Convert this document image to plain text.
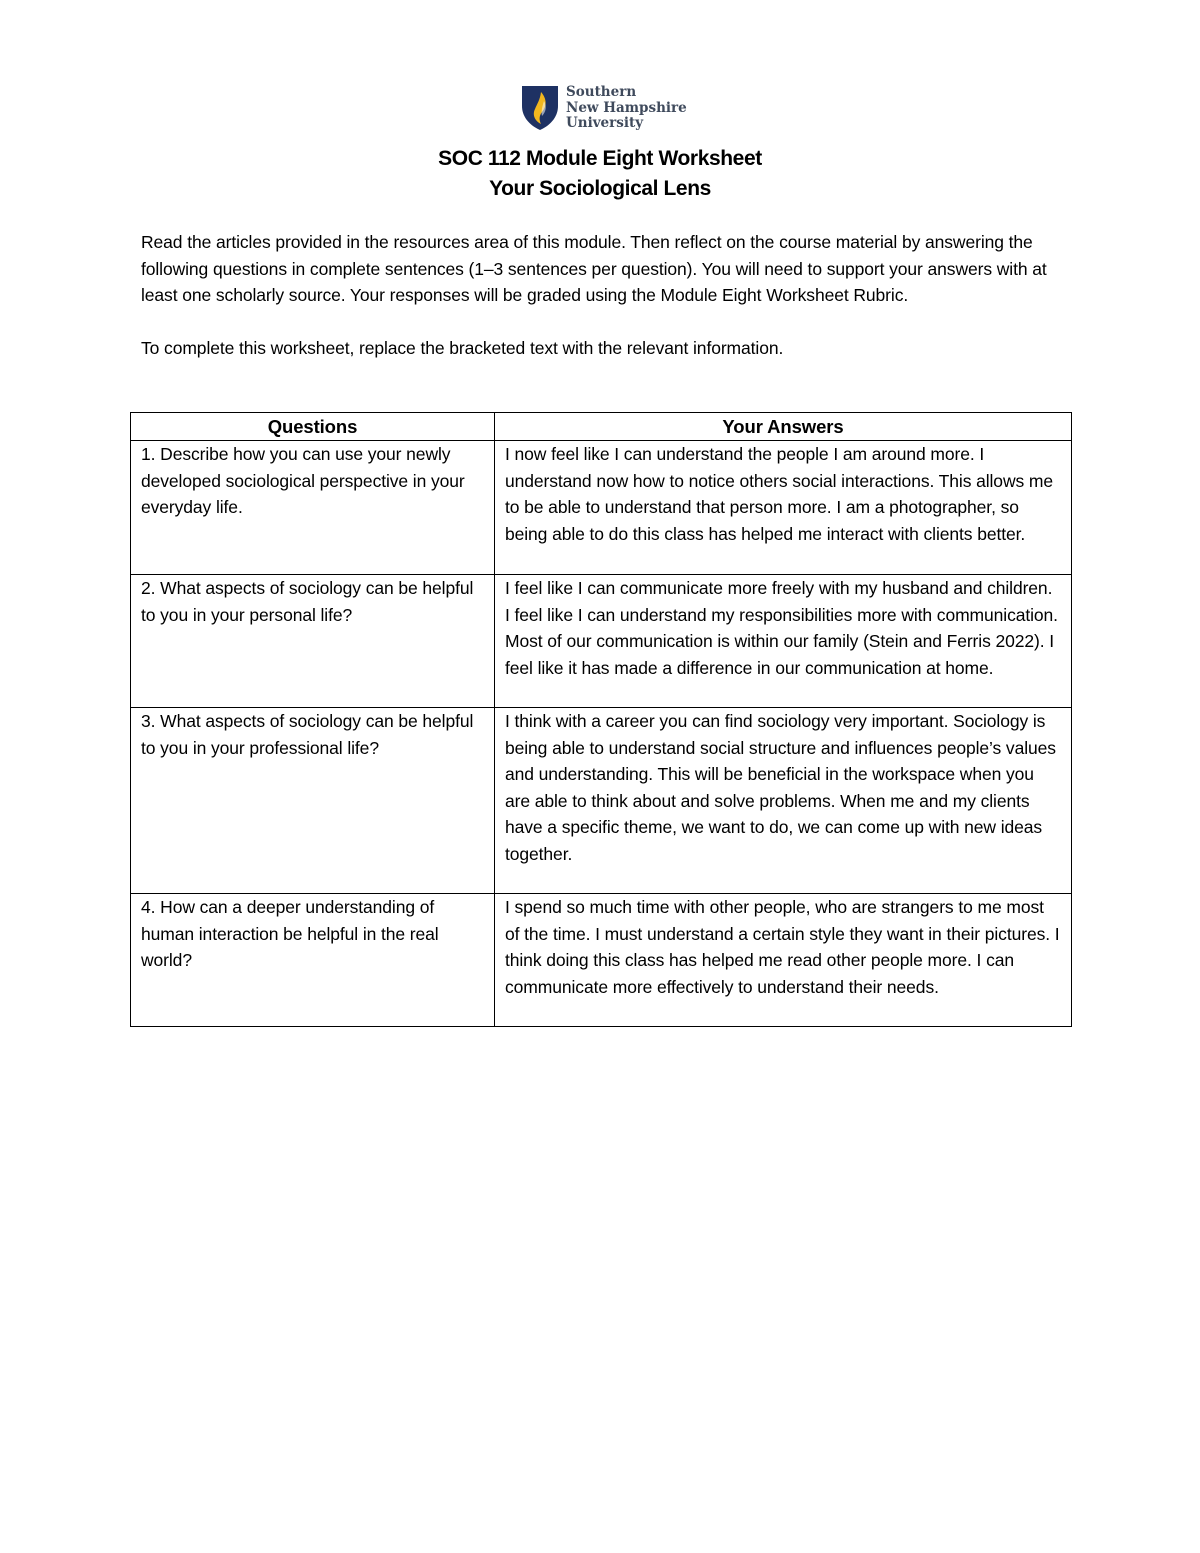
Southern
New Hampshire
University
SOC 112 Module Eight Worksheet
Your Sociological Lens

Read the articles provided in the resources area of this module. Then reflect on the course material by answering the following questions in complete sentences (1–3 sentences per question). You will need to support your answers with at least one scholarly source. Your responses will be graded using the Module Eight Worksheet Rubric.

To complete this worksheet, replace the bracketed text with the relevant information.

Questions	Your Answers
1. Describe how you can use your newly developed sociological perspective in your everyday life.	I now feel like I can understand the people I am around more. I understand now how to notice others social interactions. This allows me to be able to understand that person more. I am a photographer, so being able to do this class has helped me interact with clients better.
2. What aspects of sociology can be helpful to you in your personal life?	I feel like I can communicate more freely with my husband and children. I feel like I can understand my responsibilities more with communication. Most of our communication is within our family (Stein and Ferris 2022). I feel like it has made a difference in our communication at home.
3. What aspects of sociology can be helpful to you in your professional life?	I think with a career you can find sociology very important. Sociology is being able to understand social structure and influences people’s values and understanding. This will be beneficial in the workspace when you are able to think about and solve problems. When me and my clients have a specific theme, we want to do, we can come up with new ideas together.
4. How can a deeper understanding of human interaction be helpful in the real world?	I spend so much time with other people, who are strangers to me most of the time. I must understand a certain style they want in their pictures. I think doing this class has helped me read other people more. I can communicate more effectively to understand their needs.
